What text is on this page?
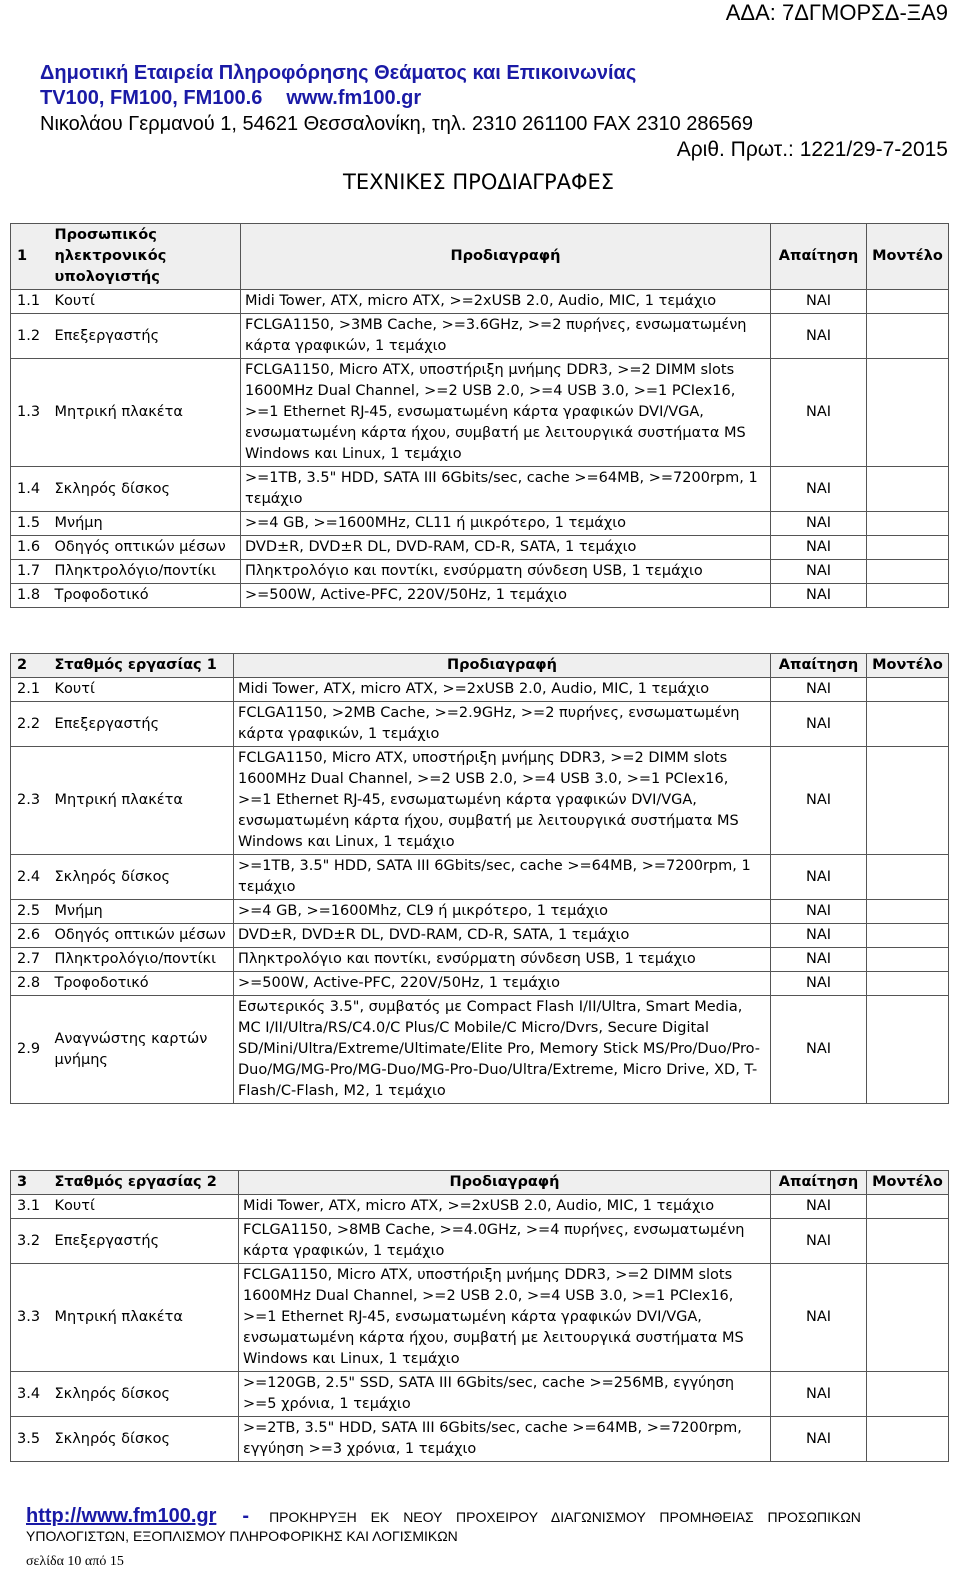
ΑΔΑ: 7ΔΓΜΟΡΣΔ-ΞΑ9
Δημοτική Εταιρεία Πληροφόρησης Θεάματος και Επικοινωνίας
TV100, FM100, FM100.6 www.fm100.gr
Νικολάου Γερμανού 1, 54621 Θεσσαλονίκη, τηλ. 2310 261100 FAX 2310 286569
Αριθ. Πρωτ.: 1221/29-7-2015
ΤΕΧΝΙΚΕΣ ΠΡΟΔΙΑΓΡΑΦΕΣ
1	Προσωπικός ηλεκτρονικός υπολογιστής	Προδιαγραφή	Απαίτηση	Μοντέλο
1.1	Κουτί	Midi Tower, ATX, micro ATX, >=2xUSB 2.0, Audio, MIC, 1 τεμάχιο	ΝΑΙ	
1.2	Επεξεργαστής	FCLGA1150, >3MB Cache, >=3.6GHz, >=2 πυρήνες, ενσωματωμένη κάρτα γραφικών, 1 τεμάχιο	ΝΑΙ	
1.3	Μητρική πλακέτα	FCLGA1150, Micro ATX, υποστήριξη μνήμης DDR3, >=2 DIMM slots 1600MHz Dual Channel, >=2 USB 2.0, >=4 USB 3.0, >=1 PCIex16, >=1 Ethernet RJ-45, ενσωματωμένη κάρτα γραφικών DVI/VGA, ενσωματωμένη κάρτα ήχου, συμβατή με λειτουργικά συστήματα MS Windows και Linux, 1 τεμάχιο	ΝΑΙ	
1.4	Σκληρός δίσκος	>=1TB, 3.5" HDD, SATA III 6Gbits/sec, cache >=64MB, >=7200rpm, 1 τεμάχιο	ΝΑΙ	
1.5	Μνήμη	>=4 GB, >=1600MHz, CL11 ή μικρότερο, 1 τεμάχιο	ΝΑΙ	
1.6	Οδηγός οπτικών μέσων	DVD±R, DVD±R DL, DVD-RAM, CD-R, SATA, 1 τεμάχιο	ΝΑΙ	
1.7	Πληκτρολόγιο/ποντίκι	Πληκτρολόγιο και ποντίκι, ενσύρματη σύνδεση USB, 1 τεμάχιο	ΝΑΙ	
1.8	Τροφοδοτικό	>=500W, Active-PFC, 220V/50Hz, 1 τεμάχιο	ΝΑΙ	
2	Σταθμός εργασίας 1	Προδιαγραφή	Απαίτηση	Μοντέλο
2.1	Κουτί	Midi Tower, ATX, micro ATX, >=2xUSB 2.0, Audio, MIC, 1 τεμάχιο	ΝΑΙ	
2.2	Επεξεργαστής	FCLGA1150, >2MB Cache, >=2.9GHz, >=2 πυρήνες, ενσωματωμένη κάρτα γραφικών, 1 τεμάχιο	ΝΑΙ	
2.3	Μητρική πλακέτα	FCLGA1150, Micro ATX, υποστήριξη μνήμης DDR3, >=2 DIMM slots 1600MHz Dual Channel, >=2 USB 2.0, >=4 USB 3.0, >=1 PCIex16, >=1 Ethernet RJ-45, ενσωματωμένη κάρτα γραφικών DVI/VGA, ενσωματωμένη κάρτα ήχου, συμβατή με λειτουργικά συστήματα MS Windows και Linux, 1 τεμάχιο	ΝΑΙ	
2.4	Σκληρός δίσκος	>=1TB, 3.5" HDD, SATA III 6Gbits/sec, cache >=64MB, >=7200rpm, 1 τεμάχιο	ΝΑΙ	
2.5	Μνήμη	>=4 GB, >=1600Mhz, CL9 ή μικρότερο, 1 τεμάχιο	ΝΑΙ	
2.6	Οδηγός οπτικών μέσων	DVD±R, DVD±R DL, DVD-RAM, CD-R, SATA, 1 τεμάχιο	ΝΑΙ	
2.7	Πληκτρολόγιο/ποντίκι	Πληκτρολόγιο και ποντίκι, ενσύρματη σύνδεση USB, 1 τεμάχιο	ΝΑΙ	
2.8	Τροφοδοτικό	>=500W, Active-PFC, 220V/50Hz, 1 τεμάχιο	ΝΑΙ	
2.9	Αναγνώστης καρτών μνήμης	Εσωτερικός 3.5", συμβατός με Compact Flash I/II/Ultra, Smart Media, MC I/II/Ultra/RS/C4.0/C Plus/C Mobile/C Micro/Dvrs, Secure Digital SD/Mini/Ultra/Extreme/Ultimate/Elite Pro, Memory Stick MS/Pro/Duo/Pro-Duo/MG/MG-Pro/MG-Duo/MG-Pro-Duo/Ultra/Extreme, Micro Drive, XD, T-Flash/C-Flash, M2, 1 τεμάχιο	ΝΑΙ	
3	Σταθμός εργασίας 2	Προδιαγραφή	Απαίτηση	Μοντέλο
3.1	Κουτί	Midi Tower, ATX, micro ATX, >=2xUSB 2.0, Audio, MIC, 1 τεμάχιο	ΝΑΙ	
3.2	Επεξεργαστής	FCLGA1150, >8MB Cache, >=4.0GHz, >=4 πυρήνες, ενσωματωμένη κάρτα γραφικών, 1 τεμάχιο	ΝΑΙ	
3.3	Μητρική πλακέτα	FCLGA1150, Micro ATX, υποστήριξη μνήμης DDR3, >=2 DIMM slots 1600MHz Dual Channel, >=2 USB 2.0, >=4 USB 3.0, >=1 PCIex16, >=1 Ethernet RJ-45, ενσωματωμένη κάρτα γραφικών DVI/VGA, ενσωματωμένη κάρτα ήχου, συμβατή με λειτουργικά συστήματα MS Windows και Linux, 1 τεμάχιο	ΝΑΙ	
3.4	Σκληρός δίσκος	>=120GB, 2.5" SSD, SATA III 6Gbits/sec, cache >=256MB, εγγύηση >=5 χρόνια, 1 τεμάχιο	ΝΑΙ	
3.5	Σκληρός δίσκος	>=2TB, 3.5" HDD, SATA III 6Gbits/sec, cache >=64MB, >=7200rpm, εγγύηση >=3 χρόνια, 1 τεμάχιο	ΝΑΙ	
http://www.fm100.gr - ΠΡΟΚΗΡΥΞΗ ΕΚ ΝΕΟΥ ΠΡΟΧΕΙΡΟΥ ΔΙΑΓΩΝΙΣΜΟΥ ΠΡΟΜΗΘΕΙΑΣ ΠΡΟΣΩΠΙΚΩΝ
ΥΠΟΛΟΓΙΣΤΩΝ, ΕΞΟΠΛΙΣΜΟΥ ΠΛΗΡΟΦΟΡΙΚΗΣ ΚΑΙ ΛΟΓΙΣΜΙΚΩΝ
σελίδα 10 από 15
